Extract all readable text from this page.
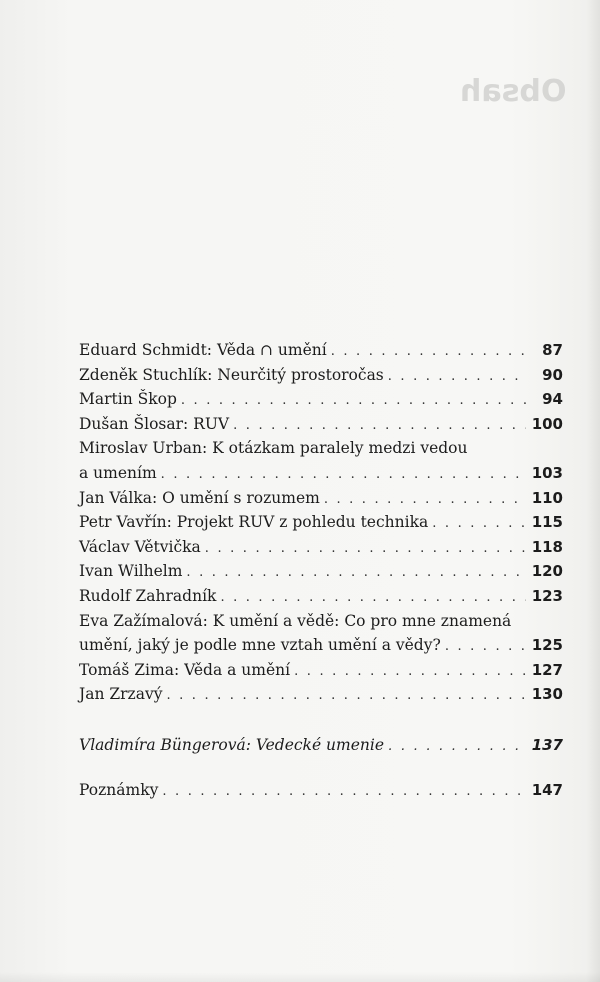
Obsah
Eduard Schmidt: Věda ∩ umění . . .	87
Zdeněk Stuchlík: Neurčitý prostoročas . . .	90
Martin Škop . . .	94
Dušan Šlosar: RUV . . .	100
Miroslav Urban: K otázkam paralely medzi vedou
a umením . . .	103
Jan Válka: O umění s rozumem . . .	110
Petr Vavřín: Projekt RUV z pohledu technika . . .	115
Václav Větvička . . .	118
Ivan Wilhelm . . .	120
Rudolf Zahradník . . .	123
Eva Zažímalová: K umění a vědě: Co pro mne znamená
umění, jaký je podle mne vztah umění a vědy? . . .	125
Tomáš Zima: Věda a umění . . .	127
Jan Zrzavý . . .	130
Vladimíra Büngerová: Vedecké umenie . . .	137
Poznámky . . .	147
